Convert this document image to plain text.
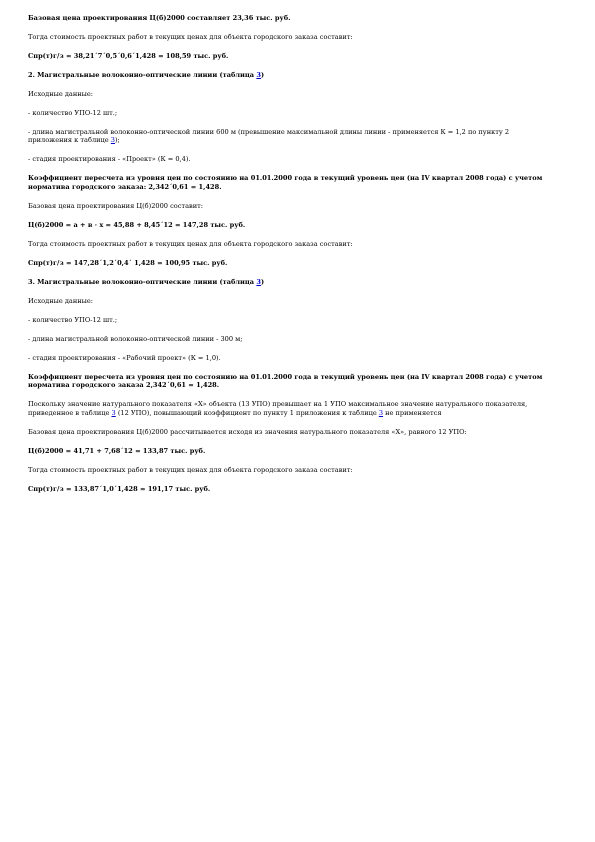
Базовая цена проектирования Ц(б)2000 составляет 23,36 тыс. руб.

Тогда стоимость проектных работ в текущих ценах для объекта городского заказа составит:

Спр(т)г/з = 38,21´7´0,5´0,6´1,428 = 108,59 тыс. руб.

2. Магистральные волоконно-оптические линии (таблица 3)

Исходные данные:

- количество УПО-12 шт.;

- длина магистральной волоконно-оптической линии 600 м (превышение максимальной длины линии - применяется К = 1,2 по пункту 2 приложения к таблице 3);

- стадия проектирования - «Проект» (К = 0,4).

Коэффициент пересчета из уровня цен по состоянию на 01.01.2000 года в текущий уровень цен (на IV квартал 2008 года) с учетом норматива городского заказа: 2,342´0,61 = 1,428.

Базовая цена проектирования Ц(б)2000 составит:

Ц(б)2000 = a + в · x = 45,88 + 8,45´12 = 147,28 тыс. руб.

Тогда стоимость проектных работ в текущих ценах для объекта городского заказа составит:

Спр(т)г/з = 147,28´1,2´0,4´ 1,428 = 100,95 тыс. руб.

3. Магистральные волоконно-оптические линии (таблица 3)

Исходные данные:

- количество УПО-12 шт.;

- длина магистральной волоконно-оптической линии - 300 м;

- стадия проектирования - «Рабочий проект» (К = 1,0).

Коэффициент пересчета из уровня цен по состоянию на 01.01.2000 года в текущий уровень цен (на IV квартал 2008 года) с учетом норматива городского заказа 2,342´0,61 = 1,428.

Поскольку значение натурального показателя «Х» объекта (13 УПО) превышает на 1 УПО максимальное значение натурального показателя, приведенное в таблице 3 (12 УПО), повышающий коэффициент по пункту 1 приложения к таблице 3 не применяется

Базовая цена проектирования Ц(б)2000 рассчитывается исходя из значения натурального показателя «Х», равного 12 УПО:

Ц(б)2000 = 41,71 + 7,68´12 = 133,87 тыс. руб.

Тогда стоимость проектных работ в текущих ценах для объекта городского заказа составит:

Спр(т)г/з = 133,87´1,0´1,428 = 191,17 тыс. руб.
